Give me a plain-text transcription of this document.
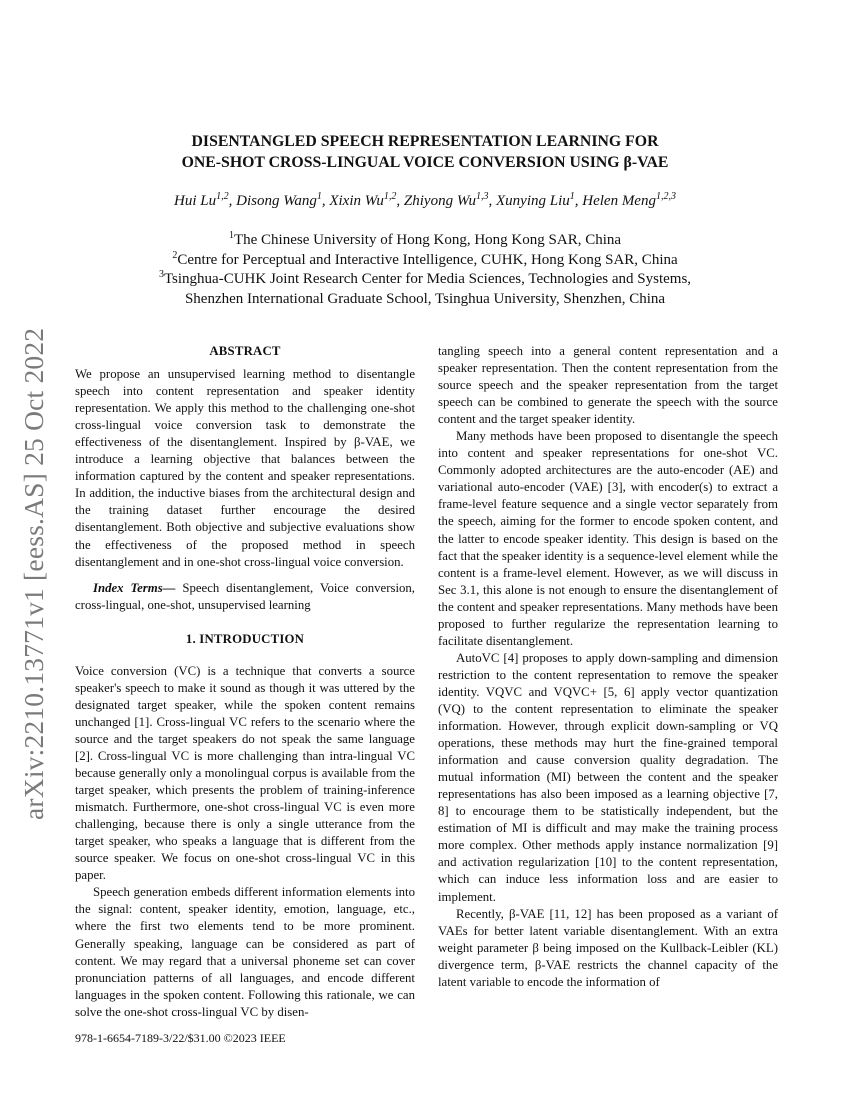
arXiv:2210.13771v1 [eess.AS] 25 Oct 2022
DISENTANGLED SPEECH REPRESENTATION LEARNING FOR
ONE-SHOT CROSS-LINGUAL VOICE CONVERSION USING β-VAE
Hui Lu$^{1,2}$, Disong Wang$^1$, Xixin Wu$^{1,2}$, Zhiyong Wu$^{1,3}$, Xunying Liu$^1$, Helen Meng$^{1,2,3}$
$^1$The Chinese University of Hong Kong, Hong Kong SAR, China
$^2$Centre for Perceptual and Interactive Intelligence, CUHK, Hong Kong SAR, China
$^3$Tsinghua-CUHK Joint Research Center for Media Sciences, Technologies and Systems,
Shenzhen International Graduate School, Tsinghua University, Shenzhen, China
ABSTRACT

We propose an unsupervised learning method to disentangle speech into content representation and speaker identity representation. We apply this method to the challenging one-shot cross-lingual voice conversion task to demonstrate the effectiveness of the disentanglement. Inspired by β-VAE, we introduce a learning objective that balances between the information captured by the content and speaker representations. In addition, the inductive biases from the architectural design and the training dataset further encourage the desired disentanglement. Both objective and subjective evaluations show the effectiveness of the proposed method in speech disentanglement and in one-shot cross-lingual voice conversion.

Index Terms— Speech disentanglement, Voice conversion, cross-lingual, one-shot, unsupervised learning

1. INTRODUCTION

Voice conversion (VC) is a technique that converts a source speaker's speech to make it sound as though it was uttered by the designated target speaker, while the spoken content remains unchanged [1]. Cross-lingual VC refers to the scenario where the source and the target speakers do not speak the same language [2]. Cross-lingual VC is more challenging than intra-lingual VC because generally only a monolingual corpus is available from the target speaker, which presents the problem of training-inference mismatch. Furthermore, one-shot cross-lingual VC is even more challenging, because there is only a single utterance from the target speaker, who speaks a language that is different from the source speaker. We focus on one-shot cross-lingual VC in this paper.

Speech generation embeds different information elements into the signal: content, speaker identity, emotion, language, etc., where the first two elements tend to be more prominent. Generally speaking, language can be considered as part of content. We may regard that a universal phoneme set can cover pronunciation patterns of all languages, and encode different languages in the spoken content. Following this rationale, we can solve the one-shot cross-lingual VC by disen-

tangling speech into a general content representation and a speaker representation. Then the content representation from the source speech and the speaker representation from the target speech can be combined to generate the speech with the source content and the target speaker identity.

Many methods have been proposed to disentangle the speech into content and speaker representations for one-shot VC. Commonly adopted architectures are the auto-encoder (AE) and variational auto-encoder (VAE) [3], with encoder(s) to extract a frame-level feature sequence and a single vector separately from the speech, aiming for the former to encode spoken content, and the latter to encode speaker identity. This design is based on the fact that the speaker identity is a sequence-level element while the content is a frame-level element. However, as we will discuss in Sec 3.1, this alone is not enough to ensure the disentanglement of the content and speaker representations. Many methods have been proposed to further regularize the representation learning to facilitate disentanglement.

AutoVC [4] proposes to apply down-sampling and dimension restriction to the content representation to remove the speaker identity. VQVC and VQVC+ [5, 6] apply vector quantization (VQ) to the content representation to eliminate the speaker information. However, through explicit down-sampling or VQ operations, these methods may hurt the fine-grained temporal information and cause conversion quality degradation. The mutual information (MI) between the content and the speaker representations has also been imposed as a learning objective [7, 8] to encourage them to be statistically independent, but the estimation of MI is difficult and may make the training process more complex. Other methods apply instance normalization [9] and activation regularization [10] to the content representation, which can induce less information loss and are easier to implement.

Recently, β-VAE [11, 12] has been proposed as a variant of VAEs for better latent variable disentanglement. With an extra weight parameter β being imposed on the Kullback-Leibler (KL) divergence term, β-VAE restricts the channel capacity of the latent variable to encode the information of

978-1-6654-7189-3/22/$31.00 ©2023 IEEE
